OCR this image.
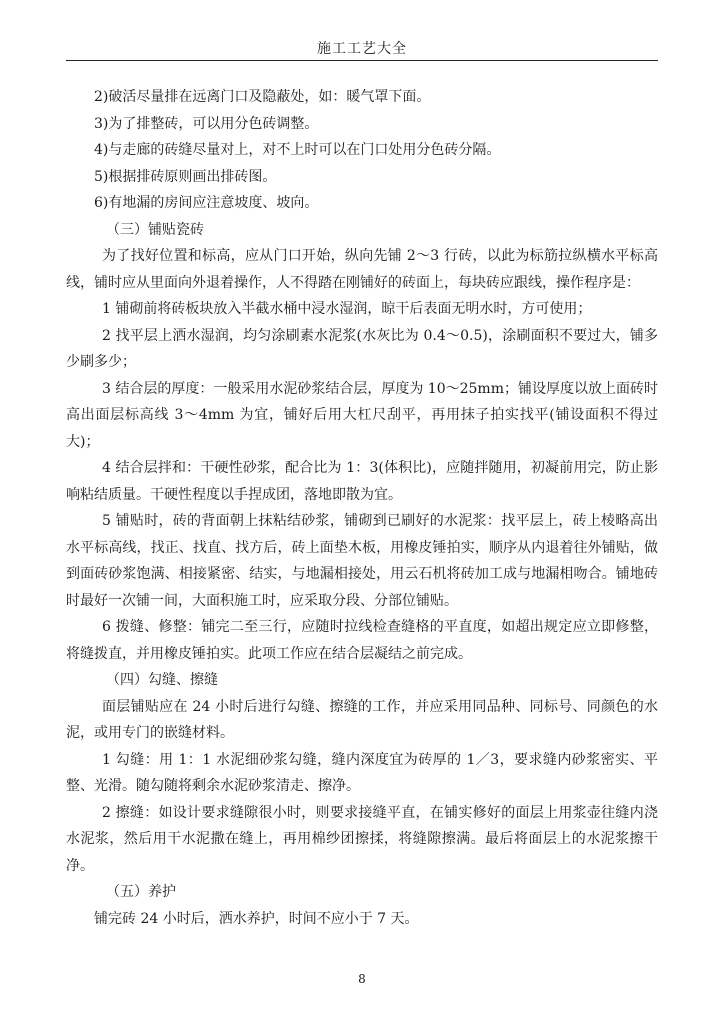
施工工艺大全

2)破活尽量排在远离门口及隐蔽处，如：暖气罩下面。

3)为了排整砖，可以用分色砖调整。

4)与走廊的砖缝尽量对上，对不上时可以在门口处用分色砖分隔。

5)根据排砖原则画出排砖图。

6)有地漏的房间应注意坡度、坡向。

（三）铺贴瓷砖

为了找好位置和标高，应从门口开始，纵向先铺 2～3 行砖，以此为标筋拉纵横水平标高线，铺时应从里面向外退着操作，人不得踏在刚铺好的砖面上，每块砖应跟线，操作程序是：

1 铺砌前将砖板块放入半截水桶中浸水湿润，晾干后表面无明水时，方可使用；

2 找平层上洒水湿润，均匀涂刷素水泥浆(水灰比为 0.4～0.5)，涂刷面积不要过大，铺多少刷多少；

3 结合层的厚度：一般采用水泥砂浆结合层，厚度为 10～25mm；铺设厚度以放上面砖时高出面层标高线 3～4mm 为宜，铺好后用大杠尺刮平，再用抹子拍实找平(铺设面积不得过大)；

4 结合层拌和：干硬性砂浆，配合比为 1：3(体积比)，应随拌随用，初凝前用完，防止影响粘结质量。干硬性程度以手捏成团，落地即散为宜。

5 铺贴时，砖的背面朝上抹粘结砂浆，铺砌到已刷好的水泥浆：找平层上，砖上棱略高出水平标高线，找正、找直、找方后，砖上面垫木板，用橡皮锤拍实，顺序从内退着往外铺贴，做到面砖砂浆饱满、相接紧密、结实，与地漏相接处，用云石机将砖加工成与地漏相吻合。铺地砖时最好一次铺一间，大面积施工时，应采取分段、分部位铺贴。

6 拨缝、修整：铺完二至三行，应随时拉线检查缝格的平直度，如超出规定应立即修整，将缝拨直，并用橡皮锤拍实。此项工作应在结合层凝结之前完成。

（四）勾缝、擦缝

面层铺贴应在 24 小时后进行勾缝、擦缝的工作，并应采用同品种、同标号、同颜色的水泥，或用专门的嵌缝材料。

1 勾缝：用 1：1 水泥细砂浆勾缝，缝内深度宜为砖厚的 1／3，要求缝内砂浆密实、平整、光滑。随勾随将剩余水泥砂浆清走、擦净。

2 擦缝：如设计要求缝隙很小时，则要求接缝平直，在铺实修好的面层上用浆壶往缝内浇水泥浆，然后用干水泥撒在缝上，再用棉纱团擦揉，将缝隙擦满。最后将面层上的水泥浆擦干净。

（五）养护

铺完砖 24 小时后，洒水养护，时间不应小于 7 天。

8
